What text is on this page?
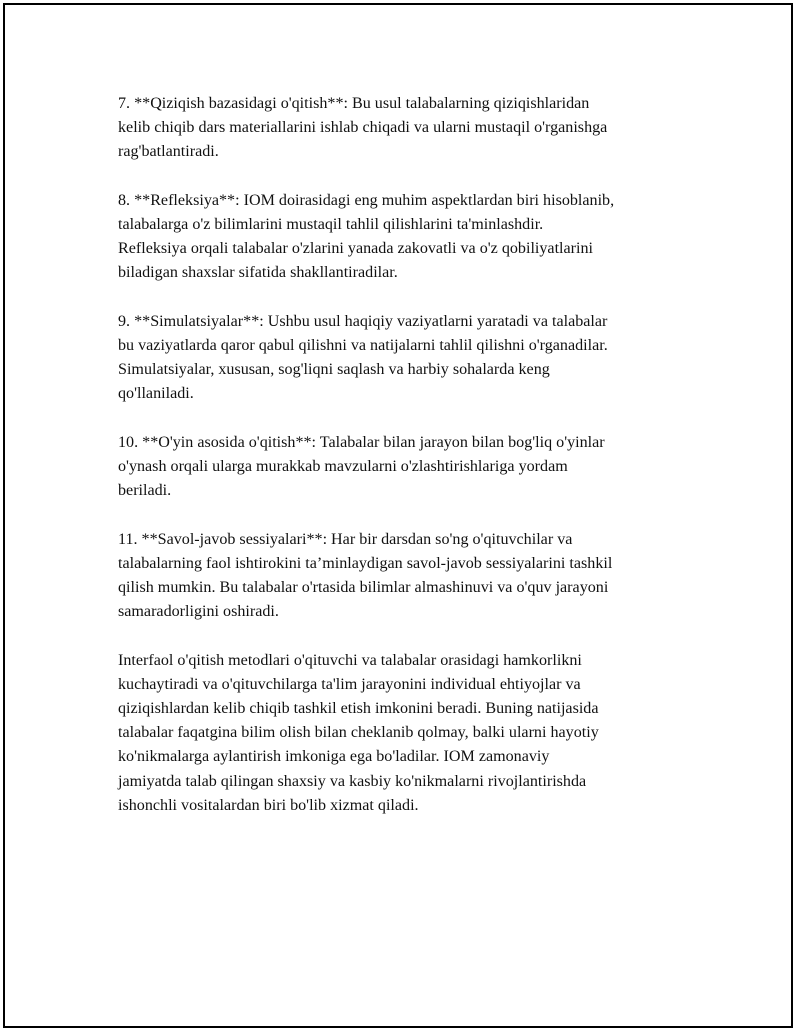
7. **Qiziqish bazasidagi o'qitish**: Bu usul talabalarning qiziqishlaridan
kelib chiqib dars materiallarini ishlab chiqadi va ularni mustaqil o'rganishga
rag'batlantiradi.

8. **Refleksiya**: IOM doirasidagi eng muhim aspektlardan biri hisoblanib,
talabalarga o'z bilimlarini mustaqil tahlil qilishlarini ta'minlashdir.
Refleksiya orqali talabalar o'zlarini yanada zakovatli va o'z qobiliyatlarini
biladigan shaxslar sifatida shakllantiradilar.

9. **Simulatsiyalar**: Ushbu usul haqiqiy vaziyatlarni yaratadi va talabalar
bu vaziyatlarda qaror qabul qilishni va natijalarni tahlil qilishni o'rganadilar.
Simulatsiyalar, xususan, sog'liqni saqlash va harbiy sohalarda keng
qo'llaniladi.

10. **O'yin asosida o'qitish**: Talabalar bilan jarayon bilan bog'liq o'yinlar
o'ynash orqali ularga murakkab mavzularni o'zlashtirishlariga yordam
beriladi.

11. **Savol-javob sessiyalari**: Har bir darsdan so'ng o'qituvchilar va
talabalarning faol ishtirokini ta’minlaydigan savol-javob sessiyalarini tashkil
qilish mumkin. Bu talabalar o'rtasida bilimlar almashinuvi va o'quv jarayoni
samaradorligini oshiradi.

Interfaol o'qitish metodlari o'qituvchi va talabalar orasidagi hamkorlikni
kuchaytiradi va o'qituvchilarga ta'lim jarayonini individual ehtiyojlar va
qiziqishlardan kelib chiqib tashkil etish imkonini beradi. Buning natijasida
talabalar faqatgina bilim olish bilan cheklanib qolmay, balki ularni hayotiy
ko'nikmalarga aylantirish imkoniga ega bo'ladilar. IOM zamonaviy
jamiyatda talab qilingan shaxsiy va kasbiy ko'nikmalarni rivojlantirishda
ishonchli vositalardan biri bo'lib xizmat qiladi.
